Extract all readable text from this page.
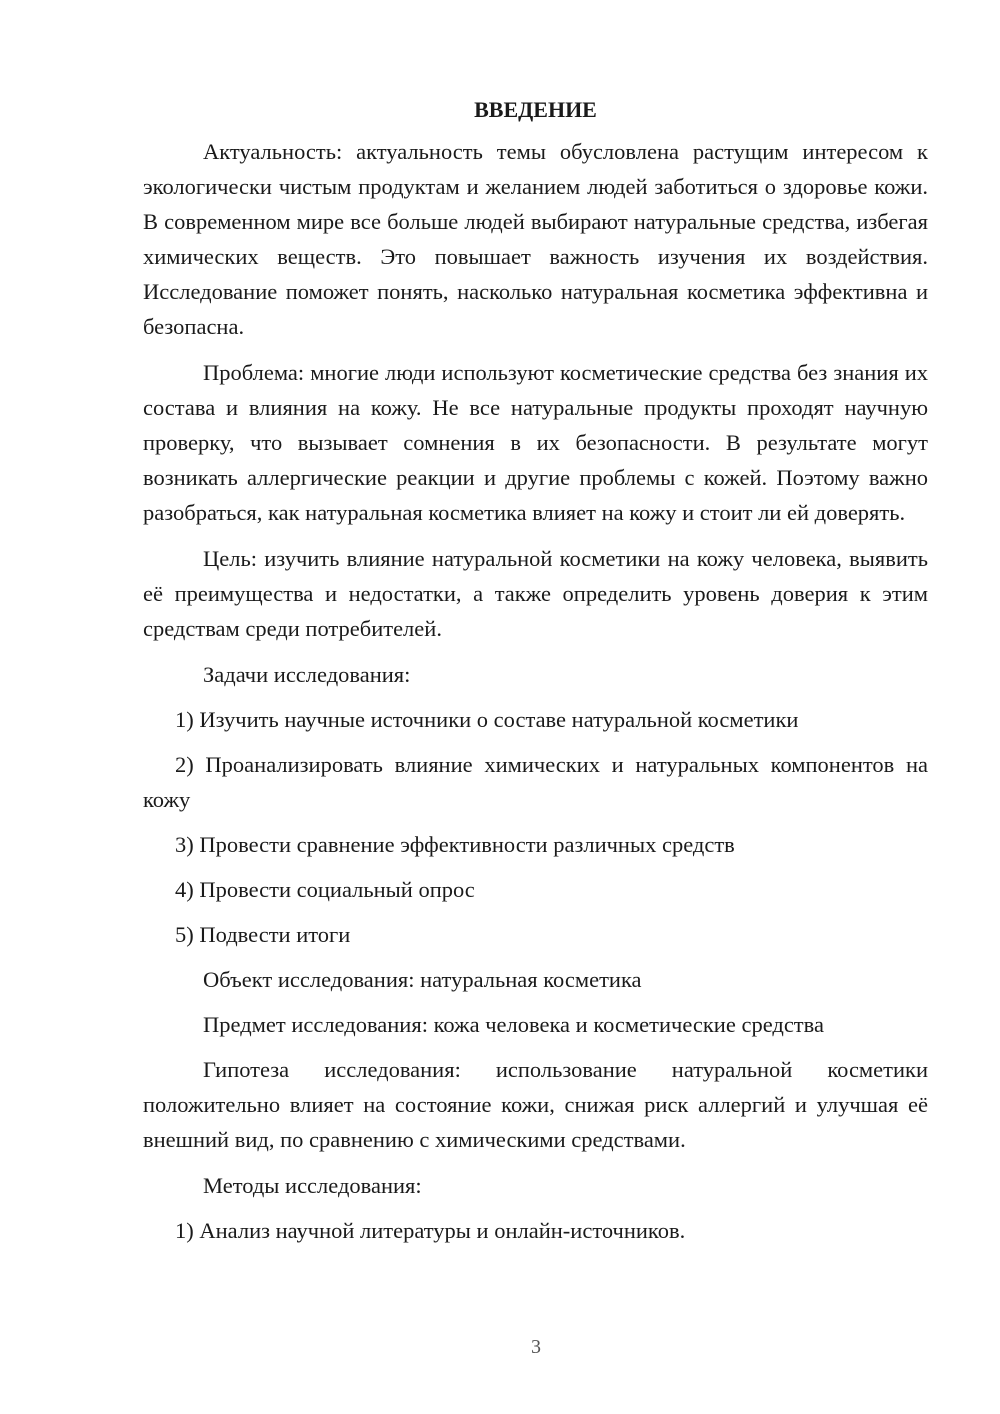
ВВЕДЕНИЕ

Актуальность: актуальность темы обусловлена растущим интересом к экологически чистым продуктам и желанием людей заботиться о здоровье кожи. В современном мире все больше людей выбирают натуральные средства, избегая химических веществ. Это повышает важность изучения их воздействия. Исследование поможет понять, насколько натуральная косметика эффективна и безопасна.

Проблема: многие люди используют косметические средства без знания их состава и влияния на кожу. Не все натуральные продукты проходят научную проверку, что вызывает сомнения в их безопасности. В результате могут возникать аллергические реакции и другие проблемы с кожей. Поэтому важно разобраться, как натуральная косметика влияет на кожу и стоит ли ей доверять.

Цель: изучить влияние натуральной косметики на кожу человека, выявить её преимущества и недостатки, а также определить уровень доверия к этим средствам среди потребителей.

Задачи исследования:

1) Изучить научные источники о составе натуральной косметики

2) Проанализировать влияние химических и натуральных компонентов на кожу

3) Провести сравнение эффективности различных средств

4) Провести социальный опрос

5) Подвести итоги

Объект исследования: натуральная косметика

Предмет исследования: кожа человека и косметические средства

Гипотеза исследования: использование натуральной косметики положительно влияет на состояние кожи, снижая риск аллергий и улучшая её внешний вид, по сравнению с химическими средствами.

Методы исследования:

1) Анализ научной литературы и онлайн-источников.

3
